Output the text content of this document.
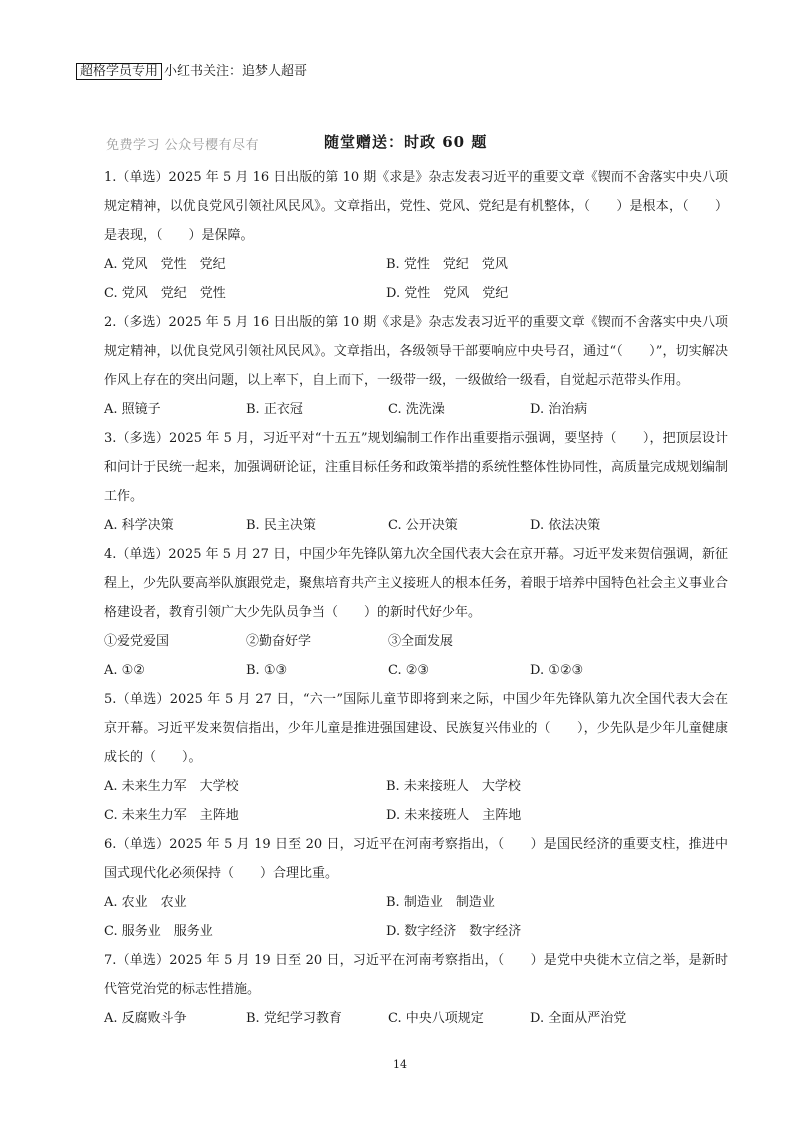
超格学员专用 小红书关注：追梦人超哥
免费学习 公众号樱有尽有	随堂赠送：时政 60 题

1.（单选）2025 年 5 月 16 日出版的第 10 期《求是》杂志发表习近平的重要文章《锲而不舍落实中央八项规定精神，以优良党风引领社风民风》。文章指出，党性、党风、党纪是有机整体，（　　）是根本，（　　）是表现，（　　）是保障。

A. 党风　党性　党纪	B. 党性　党纪　党风
C. 党风　党纪　党性	D. 党性　党风　党纪

2.（多选）2025 年 5 月 16 日出版的第 10 期《求是》杂志发表习近平的重要文章《锲而不舍落实中央八项规定精神，以优良党风引领社风民风》。文章指出，各级领导干部要响应中央号召，通过“（　　）”，切实解决作风上存在的突出问题，以上率下，自上而下，一级带一级，一级做给一级看，自觉起示范带头作用。

A. 照镜子	B. 正衣冠	C. 洗洗澡	D. 治治病

3.（多选）2025 年 5 月，习近平对“十五五”规划编制工作作出重要指示强调，要坚持（　　），把顶层设计和问计于民统一起来，加强调研论证，注重目标任务和政策举措的系统性整体性协同性，高质量完成规划编制工作。

A. 科学决策	B. 民主决策	C. 公开决策	D. 依法决策

4.（单选）2025 年 5 月 27 日，中国少年先锋队第九次全国代表大会在京开幕。习近平发来贺信强调，新征程上，少先队要高举队旗跟党走，聚焦培育共产主义接班人的根本任务，着眼于培养中国特色社会主义事业合格建设者，教育引领广大少先队员争当（　　）的新时代好少年。

①爱党爱国	②勤奋好学	③全面发展
A. ①②	B. ①③	C. ②③	D. ①②③

5.（单选）2025 年 5 月 27 日，“六一”国际儿童节即将到来之际，中国少年先锋队第九次全国代表大会在京开幕。习近平发来贺信指出，少年儿童是推进强国建设、民族复兴伟业的（　　），少先队是少年儿童健康成长的（　　）。

A. 未来生力军　大学校	B. 未来接班人　大学校
C. 未来生力军　主阵地	D. 未来接班人　主阵地

6.（单选）2025 年 5 月 19 日至 20 日，习近平在河南考察指出，（　　）是国民经济的重要支柱，推进中国式现代化必须保持（　　）合理比重。

A. 农业　农业	B. 制造业　制造业
C. 服务业　服务业	D. 数字经济　数字经济

7.（单选）2025 年 5 月 19 日至 20 日，习近平在河南考察指出，（　　）是党中央徙木立信之举，是新时代管党治党的标志性措施。

A. 反腐败斗争	B. 党纪学习教育	C. 中央八项规定	D. 全面从严治党
14
